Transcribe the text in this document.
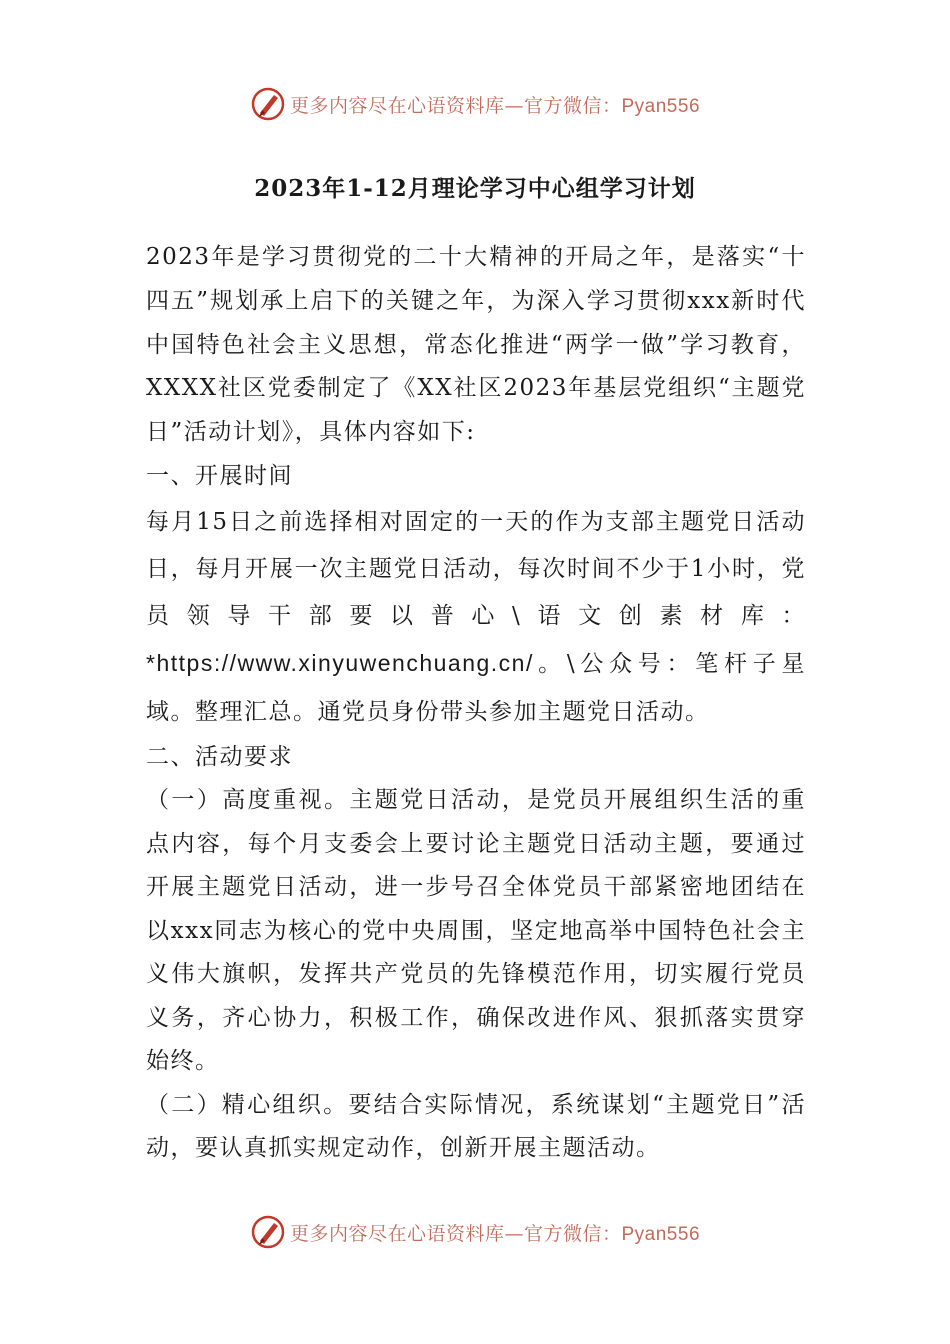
更多内容尽在心语资料库—官方微信：Pyan556
2023年1-12月理论学习中心组学习计划

2023年是学习贯彻党的二十大精神的开局之年，是落实“十四五”规划承上启下的关键之年，为深入学习贯彻xxx新时代中国特色社会主义思想，常态化推进“两学一做”学习教育，XXXX社区党委制定了《XX社区2023年基层党组织“主题党日”活动计划》，具体内容如下:

一、开展时间

每月15日之前选择相对固定的一天的作为支部主题党日活动日，每月开展一次主题党日活动，每次时间不少于1小时，党员领导干部要以普心\语文创素材库：*https://www.xinyuwenchuang.cn/。\公众号：笔杆子星域。整理汇总。通党员身份带头参加主题党日活动。

二、活动要求

（一）高度重视。主题党日活动，是党员开展组织生活的重点内容，每个月支委会上要讨论主题党日活动主题，要通过开展主题党日活动，进一步号召全体党员干部紧密地团结在以xxx同志为核心的党中央周围，坚定地高举中国特色社会主义伟大旗帜，发挥共产党员的先锋模范作用，切实履行党员义务，齐心协力，积极工作，确保改进作风、狠抓落实贯穿始终。

（二）精心组织。要结合实际情况，系统谋划“主题党日”活动，要认真抓实规定动作，创新开展主题活动。

更多内容尽在心语资料库—官方微信：Pyan556
